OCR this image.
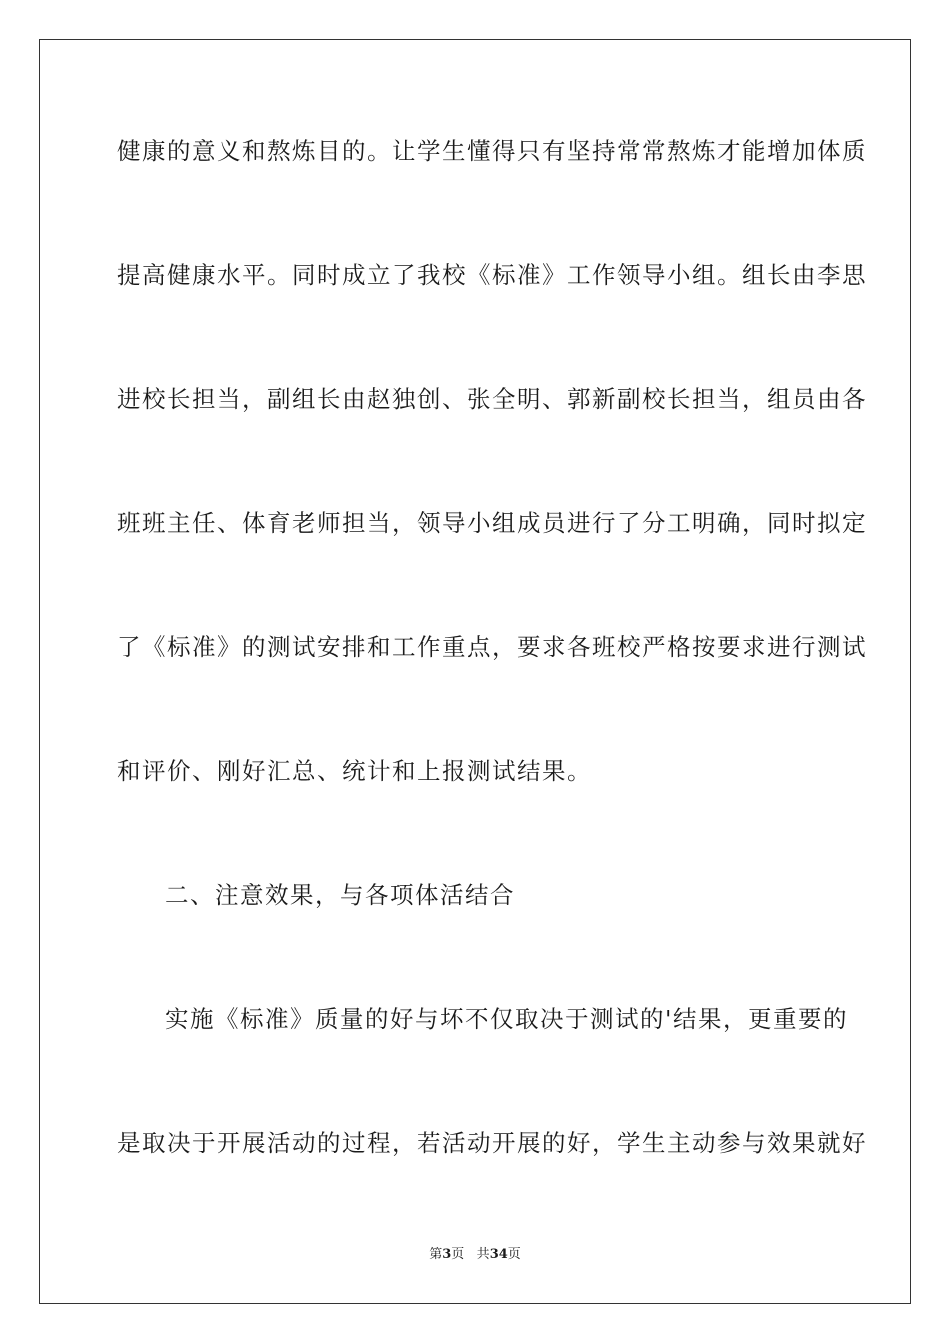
健康的意义和熬炼目的。让学生懂得只有坚持常常熬炼才能增加体质
提高健康水平。同时成立了我校《标准》工作领导小组。组长由李思
进校长担当，副组长由赵独创、张全明、郭新副校长担当，组员由各
班班主任、体育老师担当，领导小组成员进行了分工明确，同时拟定
了《标准》的测试安排和工作重点，要求各班校严格按要求进行测试
和评价、刚好汇总、统计和上报测试结果。
二、注意效果，与各项体活结合
实施《标准》质量的好与坏不仅取决于测试的'结果，更重要的
是取决于开展活动的过程，若活动开展的好，学生主动参与效果就好
第3页 共34页
